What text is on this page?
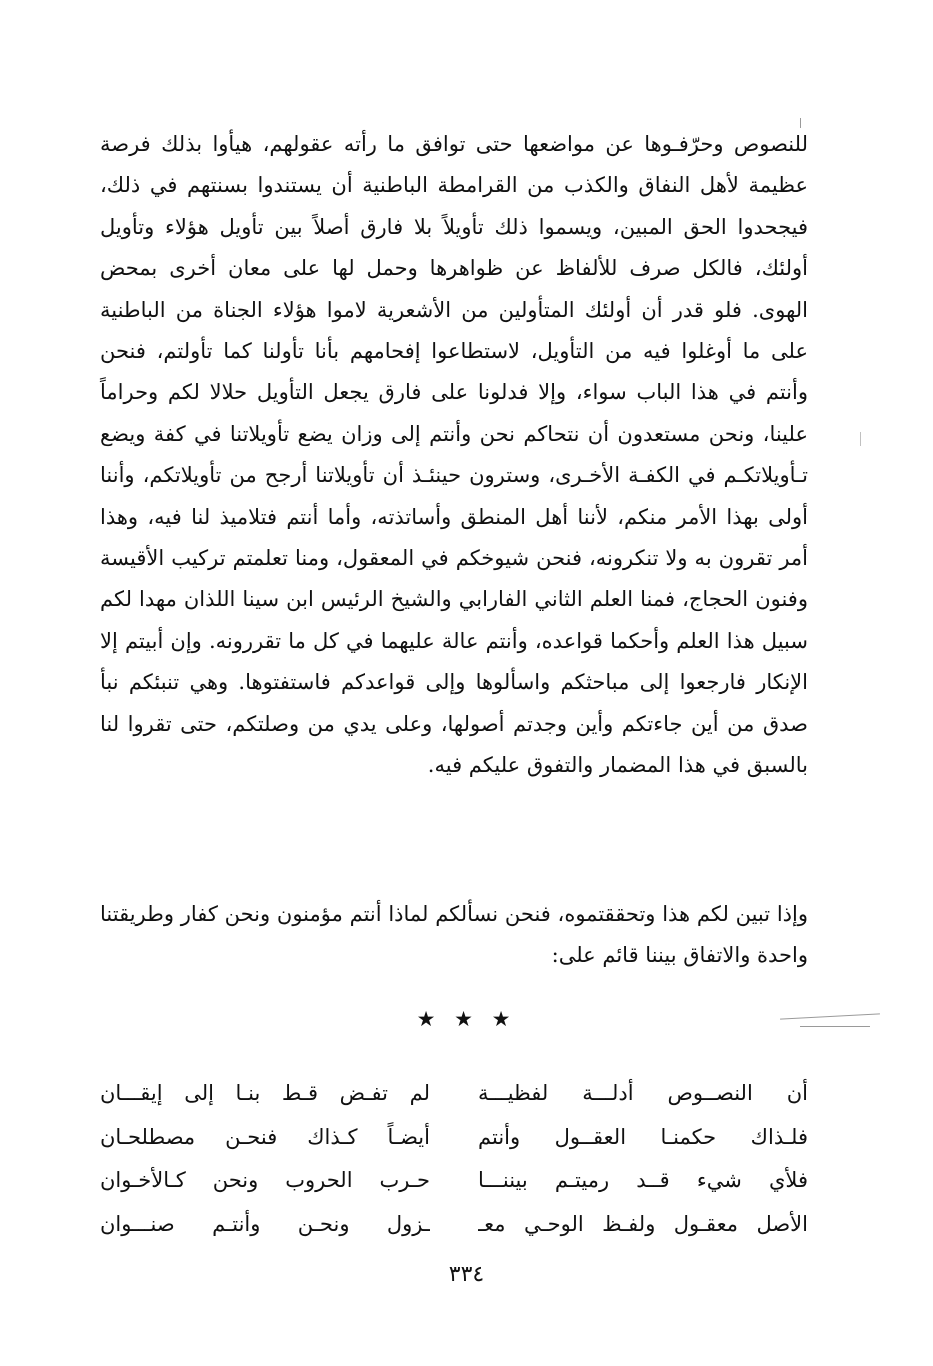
للنصوص وحرّفـوها عن مواضعها حتى توافق ما رأته عقولهم، هيأوا بذلك فرصة عظيمة لأهل النفاق والكذب من القرامطة الباطنية أن يستندوا بسنتهم في ذلك، فيجحدوا الحق المبين، ويسموا ذلك تأويلاً بلا فارق أصلاً بين تأويل هؤلاء وتأويل أولئك، فالكل صرف للألفاظ عن ظواهرها وحمل لها على معان أخرى بمحض الهوى. فلو قدر أن أولئك المتأولين من الأشعرية لاموا هؤلاء الجناة من الباطنية على ما أوغلوا فيه من التأويل، لاستطاعوا إفحامهم بأنا تأولنا كما تأولتم، فنحن وأنتم في هذا الباب سواء، وإلا فدلونا على فارق يجعل التأويل حلالا لكم وحراماً علينا، ونحن مستعدون أن نتحاكم نحن وأنتم إلى وزان يضع تأويلاتنا في كفة ويضع تـأويلاتكـم في الكفـة الأخـرى، وسترون حينئـذ أن تأويلاتنا أرجح من تأويلاتكم، وأننا أولى بهذا الأمر منكم، لأننا أهل المنطق وأساتذته، وأما أنتم فتلاميذ لنا فيه، وهذا أمر تقرون به ولا تنكرونه، فنحن شيوخكم في المعقول، ومنا تعلمتم تركيب الأقيسة وفنون الحجاج، فمنا العلم الثاني الفارابي والشيخ الرئيس ابن سينا اللذان مهدا لكم سبيل هذا العلم وأحكما قواعده، وأنتم عالة عليهما في كل ما تقررونه. وإن أبيتم إلا الإنكار فارجعوا إلى مباحثكم واسألوها وإلى قواعدكم فاستفتوها. وهي تنبئكم نبأ صدق من أين جاءتكم وأين وجدتم أصولها، وعلى يدي من وصلتكم، حتى تقروا لنا بالسبق في هذا المضمار والتفوق عليكم فيه.

وإذا تبين لكم هذا وتحققتموه، فنحن نسألكم لماذا أنتم مؤمنون ونحن كفار وطريقتنا واحدة والاتفاق بيننا قائم على:

★ ★ ★
أن النصــوص أدلـــة لفظيـــة
لم تفـض قـط بنـا إلى إيقـــان
فلـذاك حكمنـا العقــول وأنتم
أيضـاً كـذاك فنحـن مصطلحـان
فلأي شيء قــد رميتـم بيننـــا
حـرب الحروب ونحن كـالأخـوان
الأصل معقـول ولفـظ الوحـي معـ
ـزول ونحـن وأنتـم صنـــوان
٣٣٤
